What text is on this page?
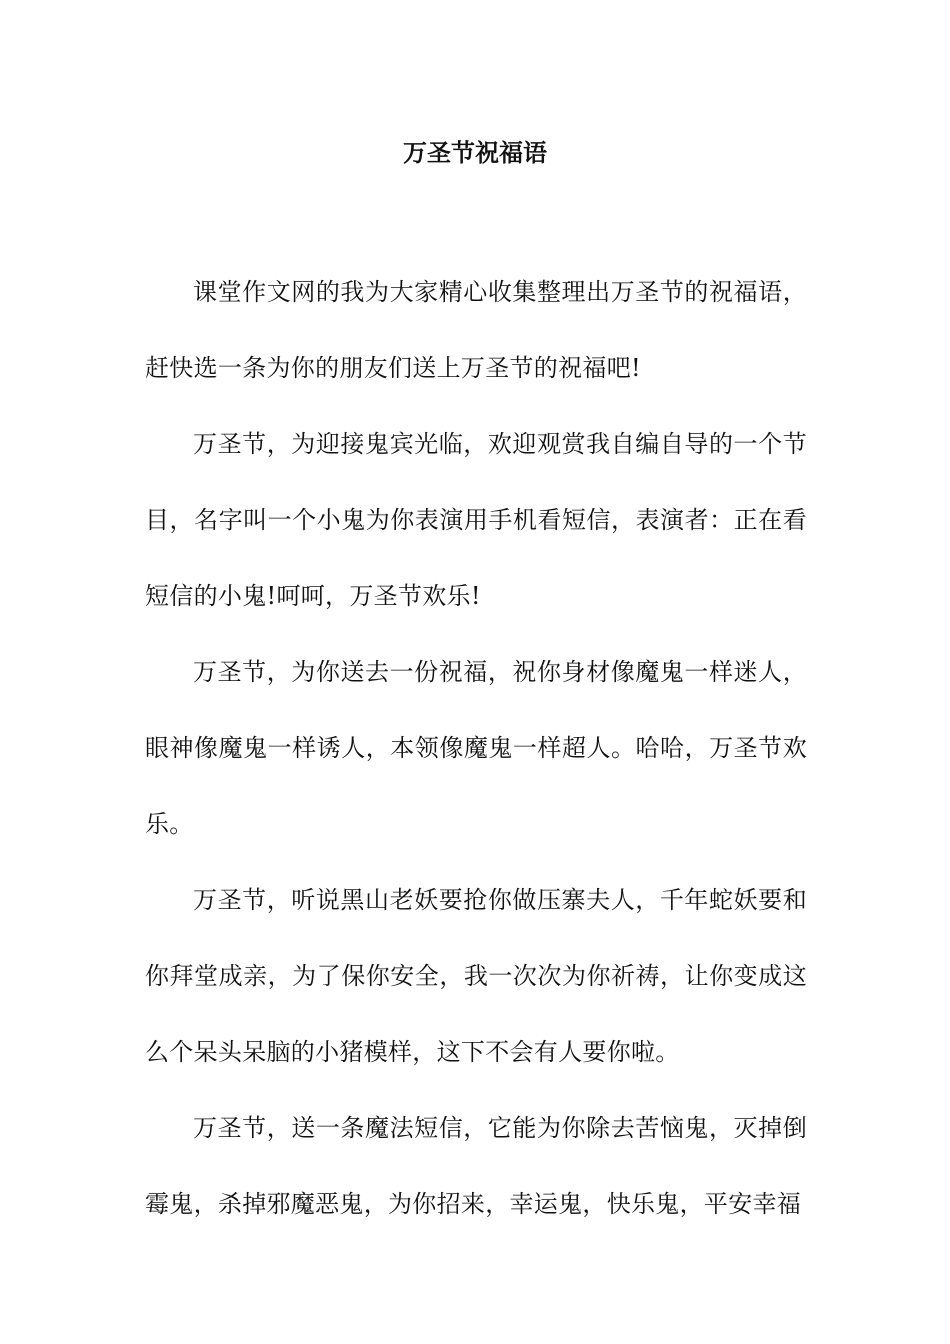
万圣节祝福语

课堂作文网的我为大家精心收集整理出万圣节的祝福语，赶快选一条为你的朋友们送上万圣节的祝福吧!

万圣节，为迎接鬼宾光临，欢迎观赏我自编自导的一个节目，名字叫一个小鬼为你表演用手机看短信，表演者：正在看短信的小鬼!呵呵，万圣节欢乐!

万圣节，为你送去一份祝福，祝你身材像魔鬼一样迷人，眼神像魔鬼一样诱人，本领像魔鬼一样超人。哈哈，万圣节欢乐。

万圣节，听说黑山老妖要抢你做压寨夫人，千年蛇妖要和你拜堂成亲，为了保你安全，我一次次为你祈祷，让你变成这么个呆头呆脑的小猪模样，这下不会有人要你啦。

万圣节，送一条魔法短信，它能为你除去苦恼鬼，灭掉倒霉鬼，杀掉邪魔恶鬼，为你招来，幸运鬼，快乐鬼，平安幸福
